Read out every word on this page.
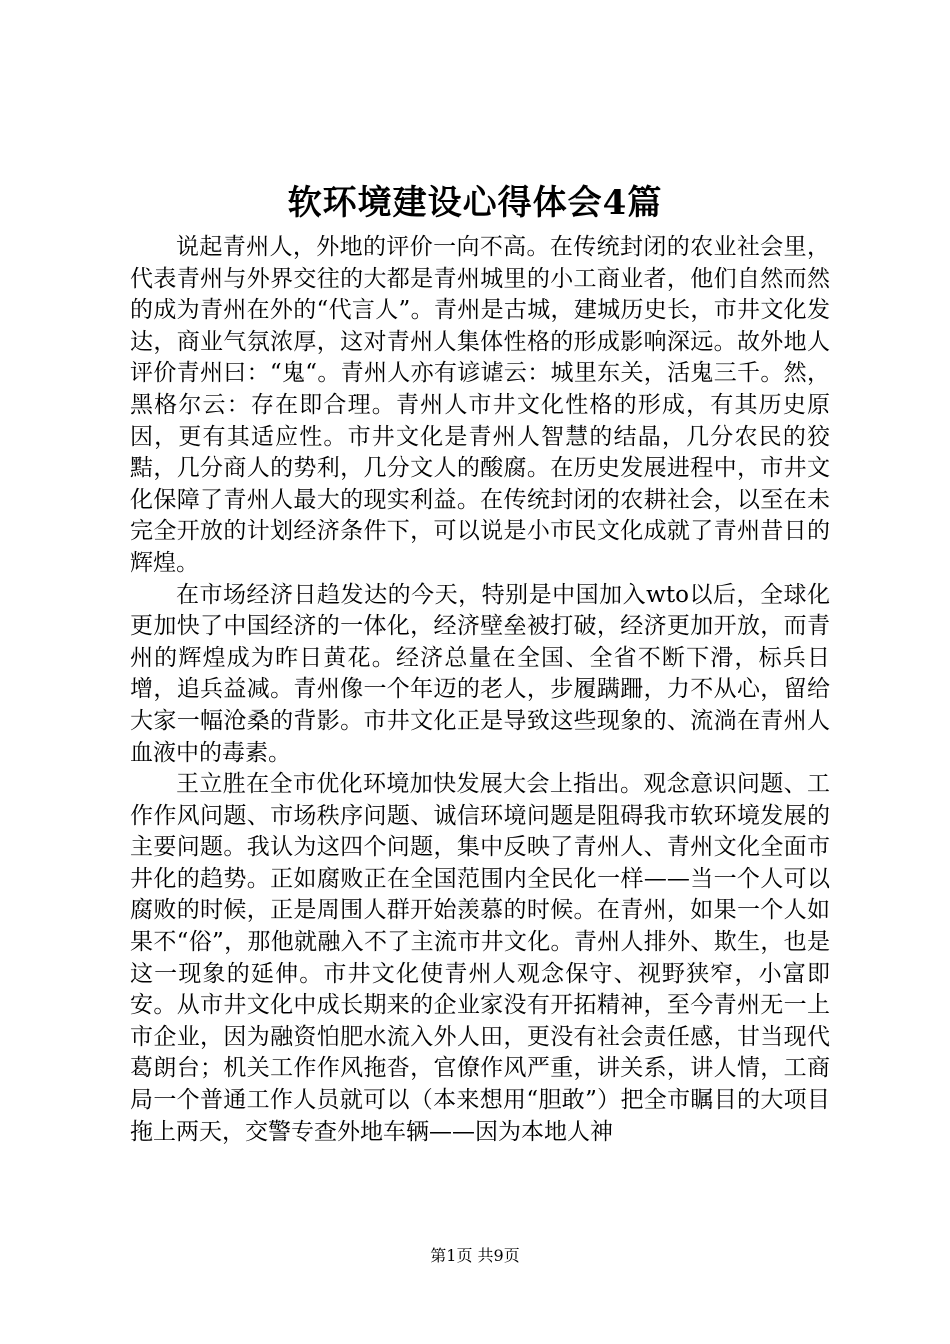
软环境建设心得体会4篇

说起青州人，外地的评价一向不高。在传统封闭的农业社会里，代表青州与外界交往的大都是青州城里的小工商业者，他们自然而然的成为青州在外的“代言人”。青州是古城，建城历史长，市井文化发达，商业气氛浓厚，这对青州人集体性格的形成影响深远。故外地人评价青州曰：“鬼“。青州人亦有谚谑云：城里东关，活鬼三千。然，黑格尔云：存在即合理。青州人市井文化性格的形成，有其历史原因，更有其适应性。市井文化是青州人智慧的结晶，几分农民的狡黠，几分商人的势利，几分文人的酸腐。在历史发展进程中，市井文化保障了青州人最大的现实利益。在传统封闭的农耕社会，以至在未完全开放的计划经济条件下，可以说是小市民文化成就了青州昔日的辉煌。

在市场经济日趋发达的今天，特别是中国加入wto以后，全球化更加快了中国经济的一体化，经济壁垒被打破，经济更加开放，而青州的辉煌成为昨日黄花。经济总量在全国、全省不断下滑，标兵日增，追兵益减。青州像一个年迈的老人，步履蹒跚，力不从心，留给大家一幅沧桑的背影。市井文化正是导致这些现象的、流淌在青州人血液中的毒素。

王立胜在全市优化环境加快发展大会上指出。观念意识问题、工作作风问题、市场秩序问题、诚信环境问题是阻碍我市软环境发展的主要问题。我认为这四个问题，集中反映了青州人、青州文化全面市井化的趋势。正如腐败正在全国范围内全民化一样——当一个人可以腐败的时候，正是周围人群开始羡慕的时候。在青州，如果一个人如果不“俗”，那他就融入不了主流市井文化。青州人排外、欺生，也是这一现象的延伸。市井文化使青州人观念保守、视野狭窄，小富即安。从市井文化中成长期来的企业家没有开拓精神，至今青州无一上市企业，因为融资怕肥水流入外人田，更没有社会责任感，甘当现代葛朗台；机关工作作风拖沓，官僚作风严重，讲关系，讲人情，工商局一个普通工作人员就可以（本来想用“胆敢”）把全市瞩目的大项目拖上两天，交警专查外地车辆——因为本地人神

第1页 共9页
